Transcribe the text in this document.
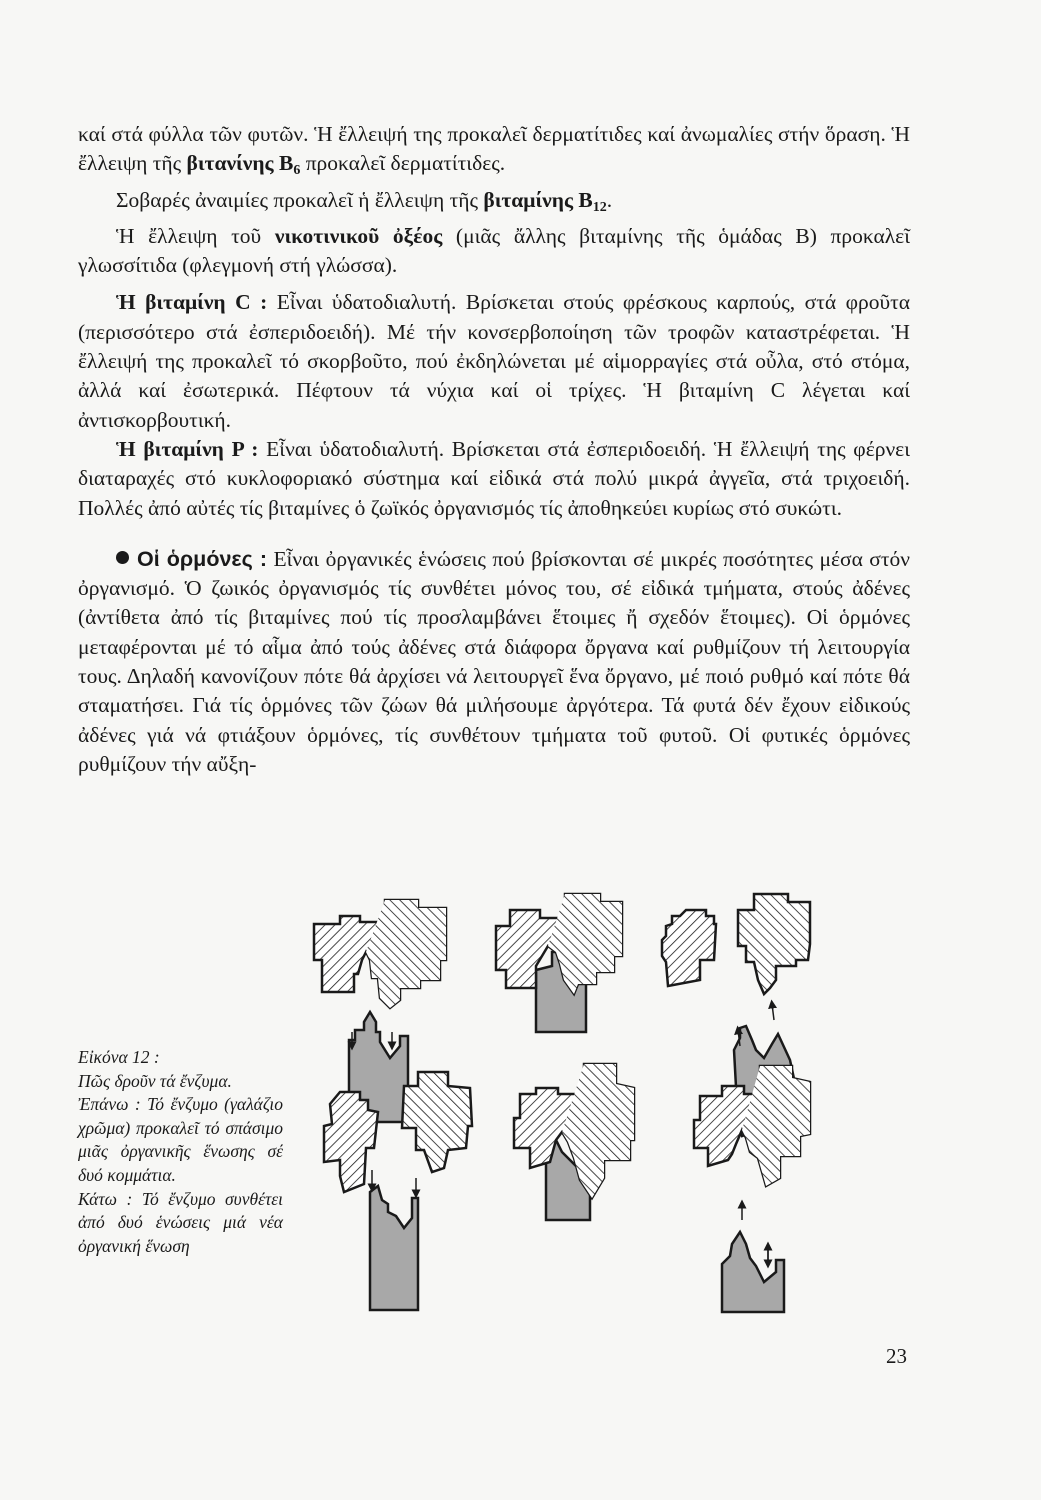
καί στά φύλλα τῶν φυτῶν. Ἡ ἔλλειψή της προκαλεῖ δερματίτιδες καί ἀνωμαλίες στήν ὅραση. Ἡ ἔλλειψη τῆς βιτανίνης $B_6$ προκαλεῖ δερματίτιδες.

Σοβαρές ἀναιμίες προκαλεῖ ἡ ἔλλειψη τῆς βιταμίνης $B_{12}$.

Ἡ ἔλλειψη τοῦ νικοτινικοῦ ὀξέος (μιᾶς ἄλλης βιταμίνης τῆς ὁμάδας B) προκαλεῖ γλωσσίτιδα (φλεγμονή στή γλώσσα).

Ἡ βιταμίνη C : Εἶναι ὑδατοδιαλυτή. Βρίσκεται στούς φρέσκους καρπούς, στά φροῦτα (περισσότερο στά ἐσπεριδοειδή). Μέ τήν κονσερβοποίηση τῶν τροφῶν καταστρέφεται. Ἡ ἔλλειψή της προκαλεῖ τό σκορβοῦτο, πού ἐκδηλώνεται μέ αἱμορραγίες στά οὖλα, στό στόμα, ἀλλά καί ἐσωτερικά. Πέφτουν τά νύχια καί οἱ τρίχες. Ἡ βιταμίνη C λέγεται καί ἀντισκορβουτική.

Ἡ βιταμίνη P : Εἶναι ὑδατοδιαλυτή. Βρίσκεται στά ἐσπεριδοειδή. Ἡ ἔλλειψή της φέρνει διαταραχές στό κυκλοφοριακό σύστημα καί εἰδικά στά πολύ μικρά ἀγγεῖα, στά τριχοειδή. Πολλές ἀπό αὐτές τίς βιταμίνες ὁ ζωϊκός ὀργανισμός τίς ἀποθηκεύει κυρίως στό συκώτι.

Οἱ ὁρμόνες : Εἶναι ὀργανικές ἑνώσεις πού βρίσκονται σέ μικρές ποσότητες μέσα στόν ὀργανισμό. Ὁ ζωικός ὀργανισμός τίς συνθέτει μόνος του, σέ εἰδικά τμήματα, στούς ἀδένες (ἀντίθετα ἀπό τίς βιταμίνες πού τίς προσλαμβάνει ἕτοιμες ἤ σχεδόν ἕτοιμες). Οἱ ὁρμόνες μεταφέρονται μέ τό αἷμα ἀπό τούς ἀδένες στά διάφορα ὄργανα καί ρυθμίζουν τή λειτουργία τους. Δηλαδή κανονίζουν πότε θά ἀρχίσει νά λειτουργεῖ ἕνα ὄργανο, μέ ποιό ρυθμό καί πότε θά σταματήσει. Γιά τίς ὁρμόνες τῶν ζώων θά μιλήσουμε ἀργότερα. Τά φυτά δέν ἔχουν εἰδικούς ἀδένες γιά νά φτιάξουν ὁρμόνες, τίς συνθέτουν τμήματα τοῦ φυτοῦ. Οἱ φυτικές ὁρμόνες ρυθμίζουν τήν αὔξη-

Εἰκόνα 12 :
Πῶς δροῦν τά ἔνζυμα.
Ἐπάνω : Τό ἔνζυμο (γαλάζιο χρῶμα) προκαλεῖ τό σπάσιμο μιᾶς ὀργανικῆς ἕνωσης σέ δυό κομμάτια.
Κάτω : Τό ἔνζυμο συνθέτει ἀπό δυό ἑνώσεις μιά νέα ὀργανική ἕνωση
23
